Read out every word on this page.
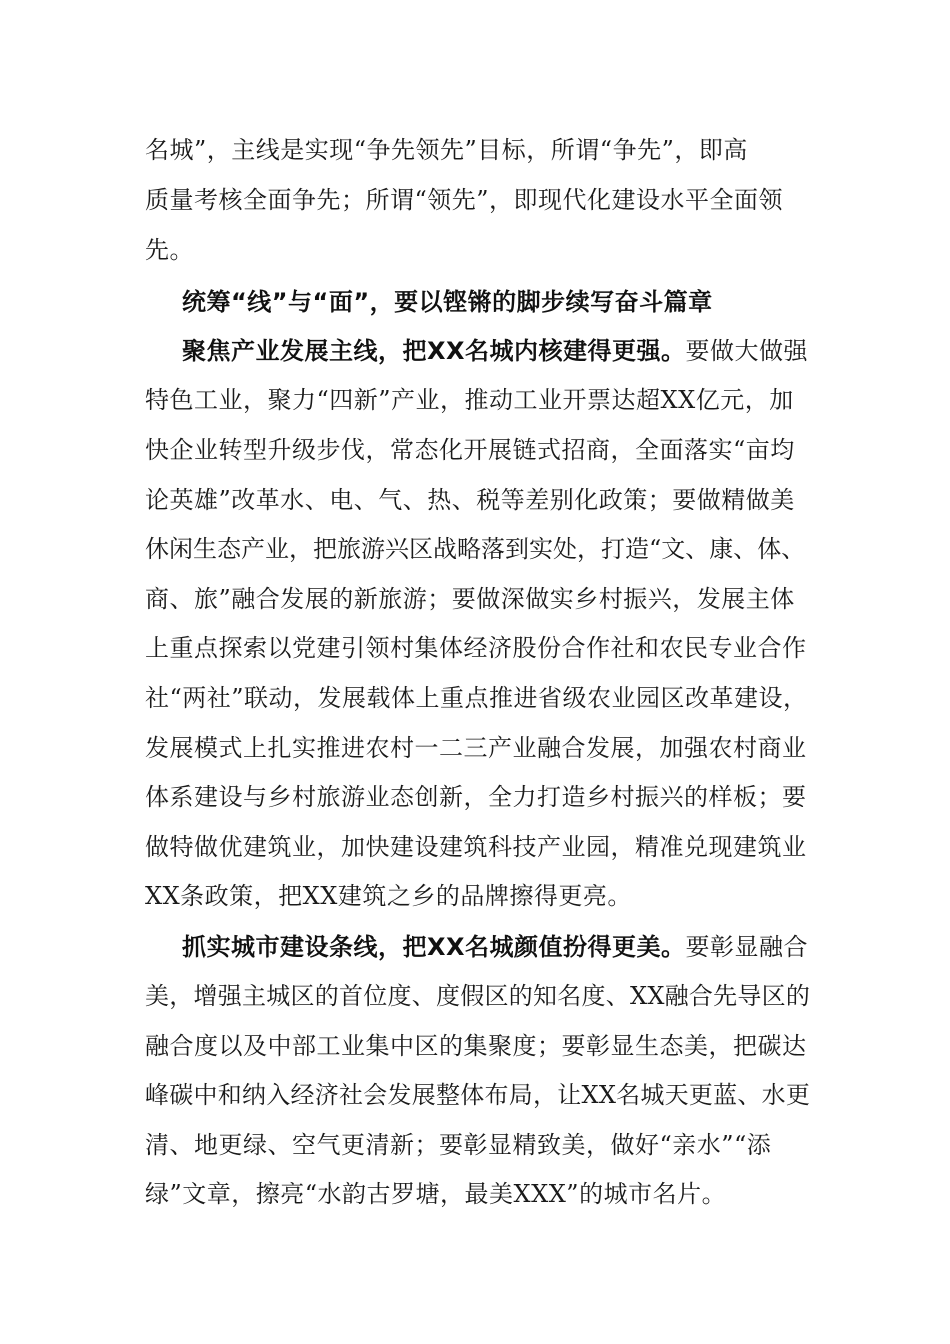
名城”，主线是实现“争先领先”目标，所谓“争先”，即高
质量考核全面争先；所谓“领先”，即现代化建设水平全面领
先。
统筹“线”与“面”，要以铿锵的脚步续写奋斗篇章
聚焦产业发展主线，把XX名城内核建得更强。要做大做强
特色工业，聚力“四新”产业，推动工业开票达超XX亿元，加
快企业转型升级步伐，常态化开展链式招商，全面落实“亩均
论英雄”改革水、电、气、热、税等差别化政策；要做精做美
休闲生态产业，把旅游兴区战略落到实处，打造“文、康、体、
商、旅”融合发展的新旅游；要做深做实乡村振兴，发展主体
上重点探索以党建引领村集体经济股份合作社和农民专业合作
社“两社”联动，发展载体上重点推进省级农业园区改革建设，
发展模式上扎实推进农村一二三产业融合发展，加强农村商业
体系建设与乡村旅游业态创新，全力打造乡村振兴的样板；要
做特做优建筑业，加快建设建筑科技产业园，精准兑现建筑业
XX条政策，把XX建筑之乡的品牌擦得更亮。
抓实城市建设条线，把XX名城颜值扮得更美。要彰显融合
美，增强主城区的首位度、度假区的知名度、XX融合先导区的
融合度以及中部工业集中区的集聚度；要彰显生态美，把碳达
峰碳中和纳入经济社会发展整体布局，让XX名城天更蓝、水更
清、地更绿、空气更清新；要彰显精致美，做好“亲水”“添
绿”文章，擦亮“水韵古罗塘，最美XXX”的城市名片。
